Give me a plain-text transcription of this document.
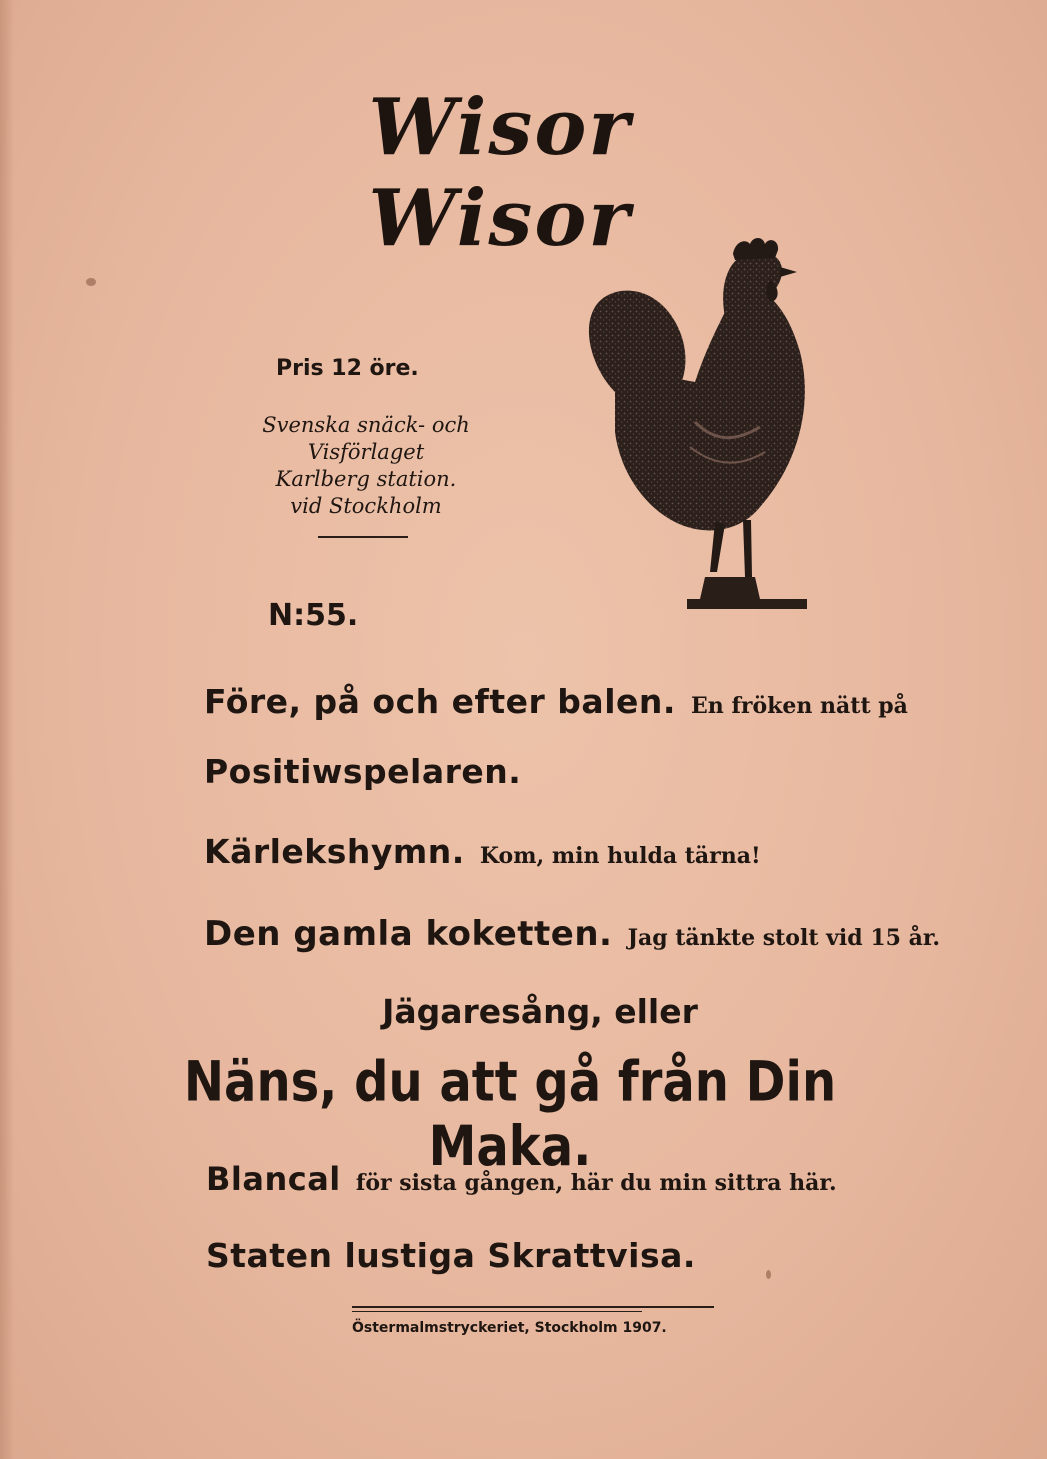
Wisor Wisor
Pris 12 öre.
Svenska snäck- och
Visförlaget
Karlberg station.
vid Stockholm
N:55.
Före, på och efter balen. En fröken nätt på
Positiwspelaren.
Kärlekshymn. Kom, min hulda tärna!
Den gamla koketten. Jag tänkte stolt vid 15 år.
Jägaresång, eller
Näns, du att gå från Din Maka.
Blancal för sista gången, här du min sittra här.
Staten lustiga Skrattvisa.
Östermalmstryckeriet, Stockholm 1907.
